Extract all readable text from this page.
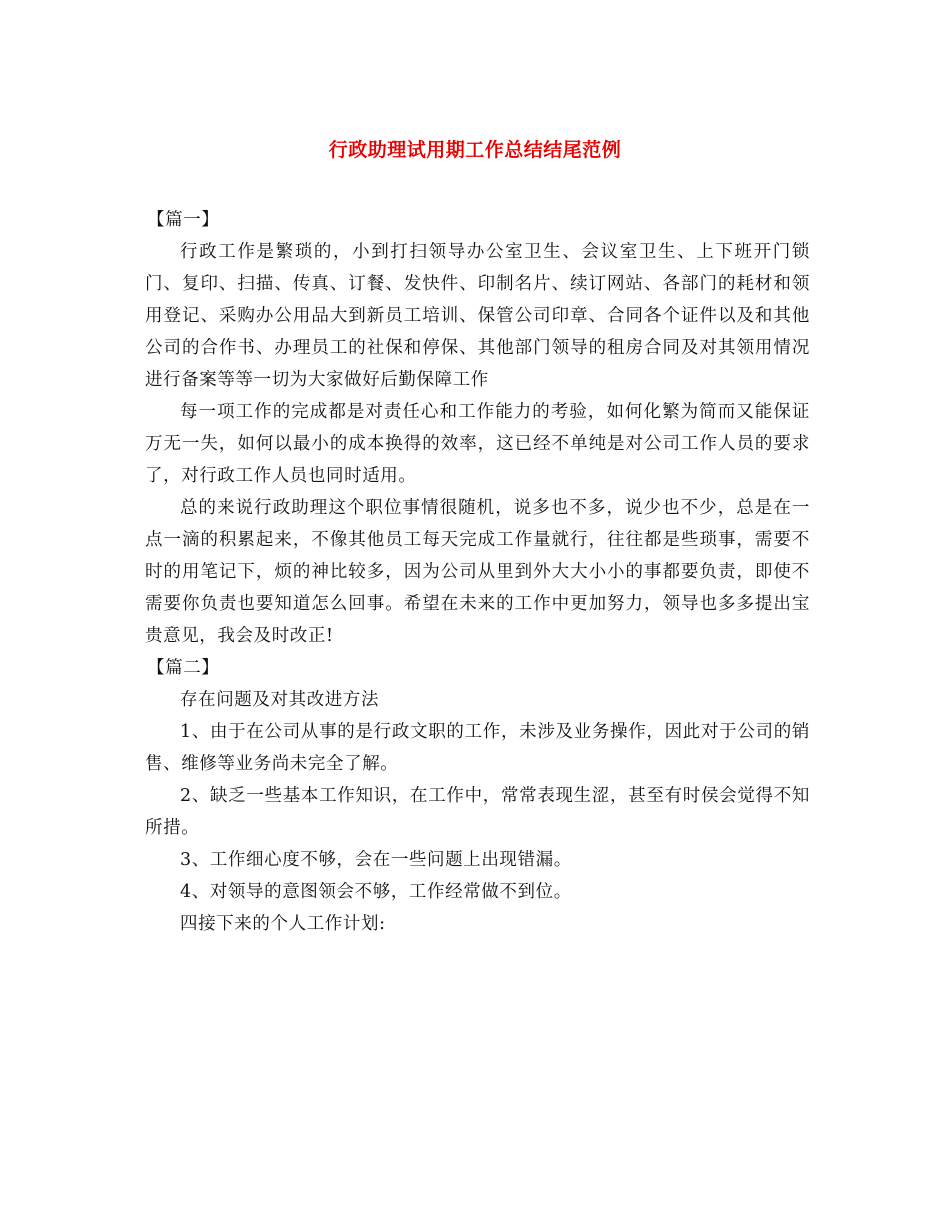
行政助理试用期工作总结结尾范例

【篇一】

行政工作是繁琐的，小到打扫领导办公室卫生、会议室卫生、上下班开门锁门、复印、扫描、传真、订餐、发快件、印制名片、续订网站、各部门的耗材和领用登记、采购办公用品大到新员工培训、保管公司印章、合同各个证件以及和其他公司的合作书、办理员工的社保和停保、其他部门领导的租房合同及对其领用情况进行备案等等一切为大家做好后勤保障工作

每一项工作的完成都是对责任心和工作能力的考验，如何化繁为简而又能保证万无一失，如何以最小的成本换得的效率，这已经不单纯是对公司工作人员的要求了，对行政工作人员也同时适用。

总的来说行政助理这个职位事情很随机，说多也不多，说少也不少，总是在一点一滴的积累起来，不像其他员工每天完成工作量就行，往往都是些琐事，需要不时的用笔记下，烦的神比较多，因为公司从里到外大大小小的事都要负责，即使不需要你负责也要知道怎么回事。希望在未来的工作中更加努力，领导也多多提出宝贵意见，我会及时改正!

【篇二】

存在问题及对其改进方法

1、由于在公司从事的是行政文职的工作，未涉及业务操作，因此对于公司的销售、维修等业务尚未完全了解。

2、缺乏一些基本工作知识，在工作中，常常表现生涩，甚至有时侯会觉得不知所措。

3、工作细心度不够，会在一些问题上出现错漏。

4、对领导的意图领会不够，工作经常做不到位。

四接下来的个人工作计划:
